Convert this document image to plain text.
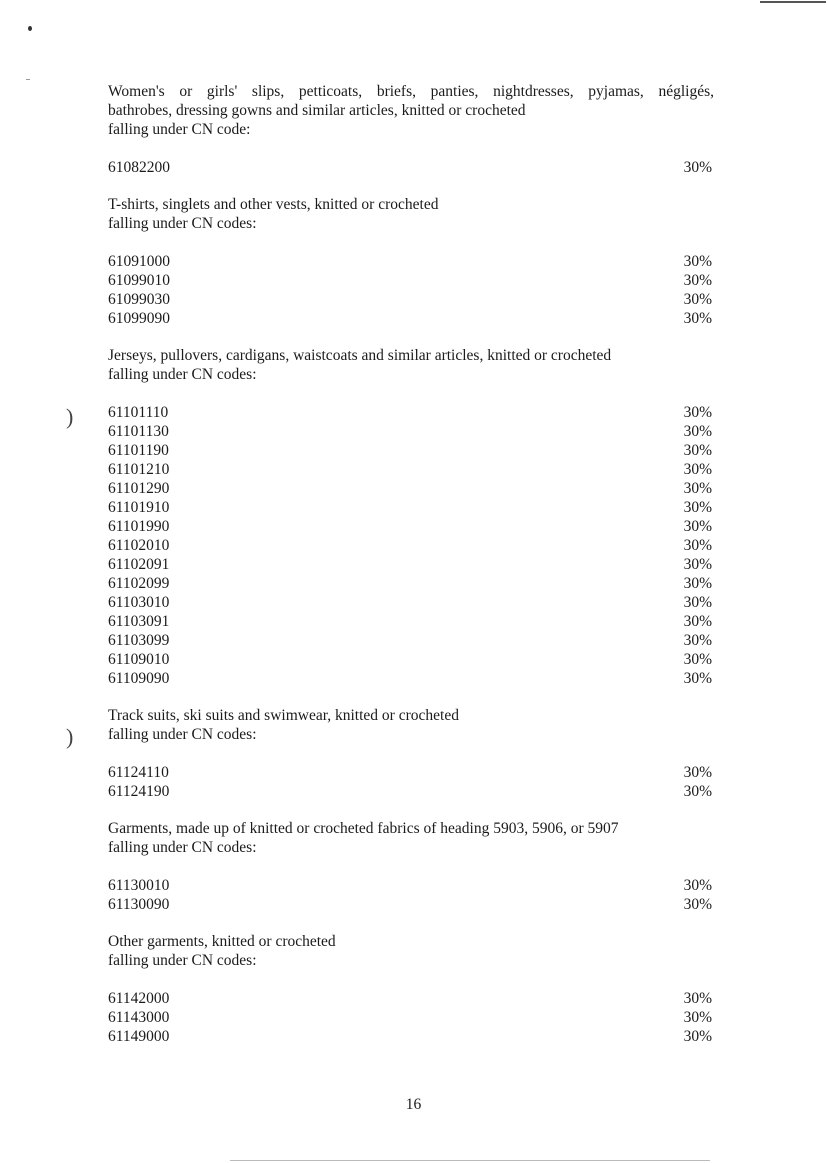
)
)

Women's or girls' slips, petticoats, briefs, panties, nightdresses, pyjamas, négligés,

bathrobes, dressing gowns and similar articles, knitted or crocheted

falling under CN code:

61082200	30%

T-shirts, singlets and other vests, knitted or crocheted

falling under CN codes:

61091000	30%
61099010	30%
61099030	30%
61099090	30%

Jerseys, pullovers, cardigans, waistcoats and similar articles, knitted or crocheted

falling under CN codes:

61101110	30%
61101130	30%
61101190	30%
61101210	30%
61101290	30%
61101910	30%
61101990	30%
61102010	30%
61102091	30%
61102099	30%
61103010	30%
61103091	30%
61103099	30%
61109010	30%
61109090	30%

Track suits, ski suits and swimwear, knitted or crocheted

falling under CN codes:

61124110	30%
61124190	30%

Garments, made up of knitted or crocheted fabrics of heading 5903, 5906, or 5907

falling under CN codes:

61130010	30%
61130090	30%

Other garments, knitted or crocheted

falling under CN codes:

61142000	30%
61143000	30%
61149000	30%
16
